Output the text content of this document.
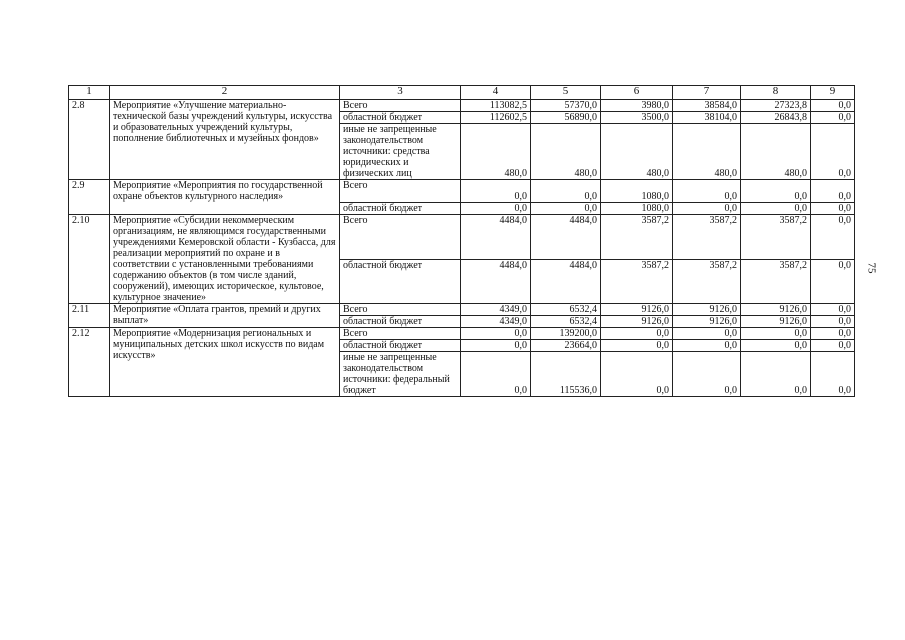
75
1	2	3	4	5	6	7	8	9
2.8	Мероприятие «Улучшение материально-технической базы учреждений культуры, искусства и образовательных учреждений культуры, пополнение библиотечных и музейных фондов»	Всего	113082,5	57370,0	3980,0	38584,0	27323,8	0,0
		областной бюджет	112602,5	56890,0	3500,0	38104,0	26843,8	0,0
		иные не запрещенные законодательством источники: средства юридических и физических лиц	480,0	480,0	480,0	480,0	480,0	0,0
2.9	Мероприятие «Мероприятия по государственной охране объектов культурного наследия»	Всего	0,0	0,0	1080,0	0,0	0,0	0,0
		областной бюджет	0,0	0,0	1080,0	0,0	0,0	0,0
2.10	Мероприятие «Субсидии некоммерческим организациям, не являющимся государственными учреждениями Кемеровской области - Кузбасса, для реализации мероприятий по охране и в соответствии с установленными требованиями содержанию объектов (в том числе зданий, сооружений), имеющих историческое, культовое, культурное значение»	Всего	4484,0	4484,0	3587,2	3587,2	3587,2	0,0
		областной бюджет	4484,0	4484,0	3587,2	3587,2	3587,2	0,0
2.11	Мероприятие «Оплата грантов, премий и других выплат»	Всего	4349,0	6532,4	9126,0	9126,0	9126,0	0,0
		областной бюджет	4349,0	6532,4	9126,0	9126,0	9126,0	0,0
2.12	Мероприятие «Модернизация региональных и муниципальных детских школ искусств по видам искусств»	Всего	0,0	139200,0	0,0	0,0	0,0	0,0
		областной бюджет	0,0	23664,0	0,0	0,0	0,0	0,0
		иные не запрещенные законодательством источники: федеральный бюджет	0,0	115536,0	0,0	0,0	0,0	0,0
